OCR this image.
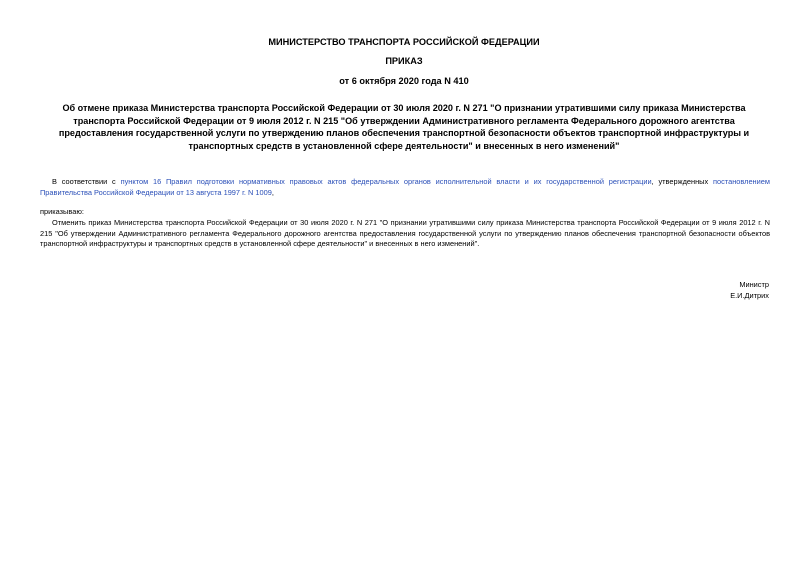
МИНИСТЕРСТВО ТРАНСПОРТА РОССИЙСКОЙ ФЕДЕРАЦИИ
ПРИКАЗ
от 6 октября 2020 года N 410
Об отмене приказа Министерства транспорта Российской Федерации от 30 июля 2020 г. N 271 "О признании утратившими силу приказа Министерства транспорта Российской Федерации от 9 июля 2012 г. N 215 "Об утверждении Административного регламента Федерального дорожного агентства предоставления государственной услуги по утверждению планов обеспечения транспортной безопасности объектов транспортной инфраструктуры и транспортных средств в установленной сфере деятельности" и внесенных в него изменений"
В соответствии с пунктом 16 Правил подготовки нормативных правовых актов федеральных органов исполнительной власти и их государственной регистрации, утвержденных постановлением Правительства Российской Федерации от 13 августа 1997 г. N 1009,
приказываю:
Отменить приказ Министерства транспорта Российской Федерации от 30 июля 2020 г. N 271 "О признании утратившими силу приказа Министерства транспорта Российской Федерации от 9 июля 2012 г. N 215 "Об утверждении Административного регламента Федерального дорожного агентства предоставления государственной услуги по утверждению планов обеспечения транспортной безопасности объектов транспортной инфраструктуры и транспортных средств в установленной сфере деятельности" и внесенных в него изменений".
Министр
Е.И.Дитрих
